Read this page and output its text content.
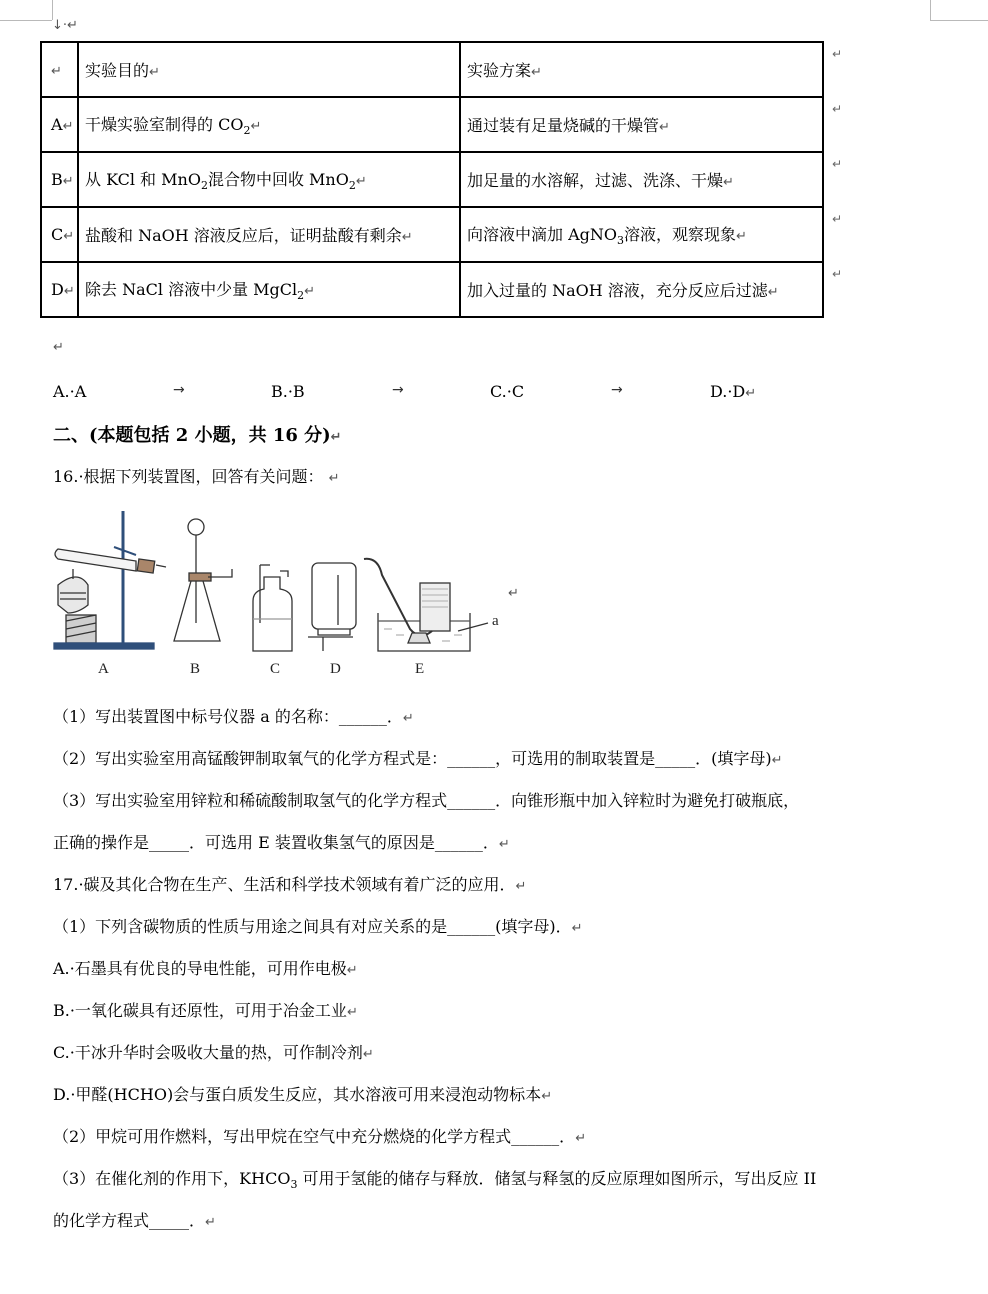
↓·↵
↵	实验目的↵	实验方案↵
↵

A↵	干燥实验室制得的 $CO_2↵$	通过装有足量烧碱的干燥管↵
↵

B↵	从 KCl 和 MnO$_2$混合物中回收 MnO$_2$↵	加足量的水溶解，过滤、洗涤、干燥↵
↵

C↵	盐酸和 NaOH 溶液反应后，证明盐酸有剩余↵	向溶液中滴加 AgNO$_3$溶液，观察现象↵
↵

D↵	除去 NaCl 溶液中少量 MgCl$_2$↵	加入过量的 NaOH 溶液，充分反应后过滤↵
↵
↵
A.·A	→	B.·B	→	C.·C	→	D.·D↵
二、(本题包括 2 小题，共 16 分)↵
16.·根据下列装置图，回答有关问题： ↵
A	B	C	D	E
a
↵
（1）写出装置图中标号仪器 a 的名称：______．↵
（2）写出实验室用高锰酸钾制取氧气的化学方程式是：______，可选用的制取装置是_____．(填字母)↵
（3）写出实验室用锌粒和稀硫酸制取氢气的化学方程式______．向锥形瓶中加入锌粒时为避免打破瓶底，
正确的操作是_____．可选用 E 装置收集氢气的原因是______．↵
17.·碳及其化合物在生产、生活和科学技术领域有着广泛的应用．↵
（1）下列含碳物质的性质与用途之间具有对应关系的是______(填字母)．↵
A.·石墨具有优良的导电性能，可用作电极↵
B.·一氧化碳具有还原性，可用于冶金工业↵
C.·干冰升华时会吸收大量的热，可作制冷剂↵
D.·甲醛(HCHO)会与蛋白质发生反应，其水溶液可用来浸泡动物标本↵
（2）甲烷可用作燃料，写出甲烷在空气中充分燃烧的化学方程式______．↵
（3）在催化剂的作用下，$KHCO_3$ 可用于氢能的储存与释放．储氢与释氢的反应原理如图所示，写出反应 II
的化学方程式_____．↵
